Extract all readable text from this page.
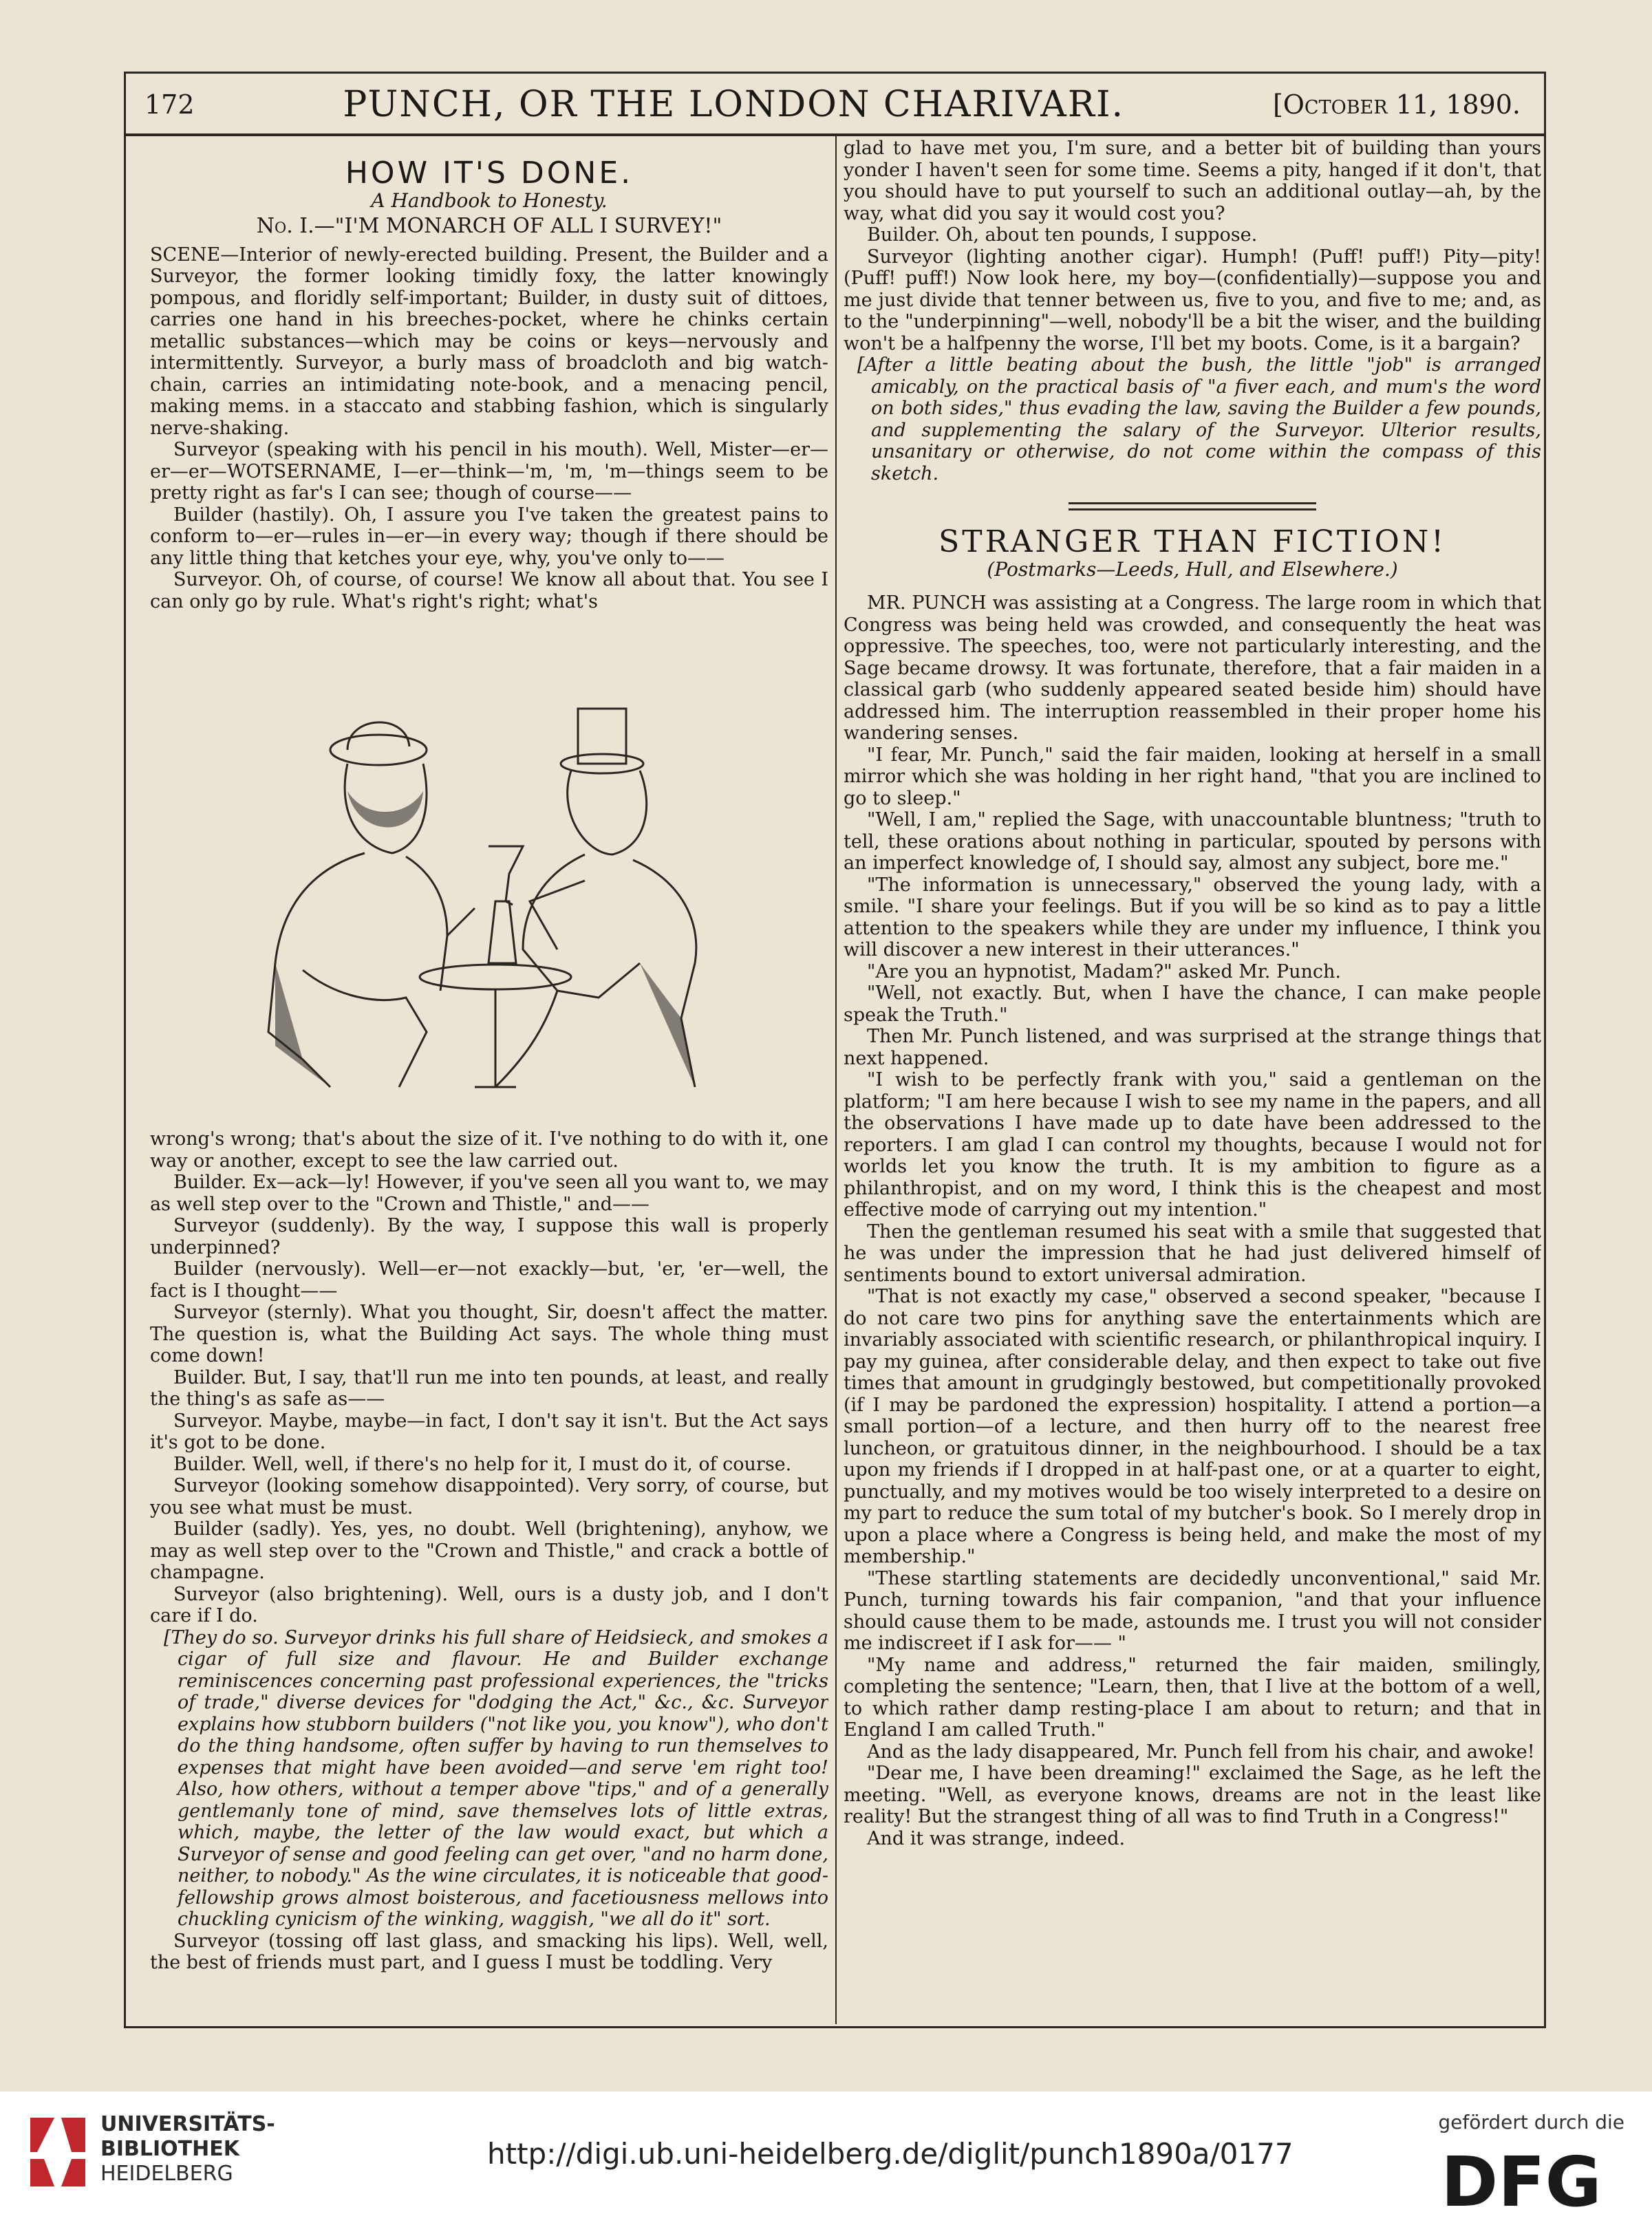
172	PUNCH, OR THE LONDON CHARIVARI.	[October 11, 1890.
HOW IT'S DONE.
A Handbook to Honesty.
No. I.—"I'M MONARCH OF ALL I SURVEY!"

SCENE—Interior of newly-erected building. Present, the Builder and a Surveyor, the former looking timidly foxy, the latter knowingly pompous, and floridly self-important; Builder, in dusty suit of dittoes, carries one hand in his breeches-pocket, where he chinks certain metallic substances—which may be coins or keys—nervously and intermittently. Surveyor, a burly mass of broadcloth and big watch-chain, carries an intimidating note-book, and a menacing pencil, making mems. in a staccato and stabbing fashion, which is singularly nerve-shaking.

Surveyor (speaking with his pencil in his mouth). Well, Mister—er—er—er—WOTSERNAME, I—er—think—'m, 'm, 'm—things seem to be pretty right as far's I can see; though of course——

Builder (hastily). Oh, I assure you I've taken the greatest pains to conform to—er—rules in—er—in every way; though if there should be any little thing that ketches your eye, why, you've only to——

Surveyor. Oh, of course, of course! We know all about that. You see I can only go by rule. What's right's right; what's

wrong's wrong; that's about the size of it. I've nothing to do with it, one way or another, except to see the law carried out.

Builder. Ex—ack—ly! However, if you've seen all you want to, we may as well step over to the "Crown and Thistle," and——

Surveyor (suddenly). By the way, I suppose this wall is properly underpinned?

Builder (nervously). Well—er—not exackly—but, 'er, 'er—well, the fact is I thought——

Surveyor (sternly). What you thought, Sir, doesn't affect the matter. The question is, what the Building Act says. The whole thing must come down!

Builder. But, I say, that'll run me into ten pounds, at least, and really the thing's as safe as——

Surveyor. Maybe, maybe—in fact, I don't say it isn't. But the Act says it's got to be done.

Builder. Well, well, if there's no help for it, I must do it, of course.

Surveyor (looking somehow disappointed). Very sorry, of course, but you see what must be must.

Builder (sadly). Yes, yes, no doubt. Well (brightening), anyhow, we may as well step over to the "Crown and Thistle," and crack a bottle of champagne.

Surveyor (also brightening). Well, ours is a dusty job, and I don't care if I do.

[They do so. Surveyor drinks his full share of Heidsieck, and smokes a cigar of full size and flavour. He and Builder exchange reminiscences concerning past professional experiences, the "tricks of trade," diverse devices for "dodging the Act," &c., &c. Surveyor explains how stubborn builders ("not like you, you know"), who don't do the thing handsome, often suffer by having to run themselves to expenses that might have been avoided—and serve 'em right too! Also, how others, without a temper above "tips," and of a generally gentlemanly tone of mind, save themselves lots of little extras, which, maybe, the letter of the law would exact, but which a Surveyor of sense and good feeling can get over, "and no harm done, neither, to nobody." As the wine circulates, it is noticeable that good-fellowship grows almost boisterous, and facetiousness mellows into chuckling cynicism of the winking, waggish, "we all do it" sort.

Surveyor (tossing off last glass, and smacking his lips). Well, well, the best of friends must part, and I guess I must be toddling. Very

glad to have met you, I'm sure, and a better bit of building than yours yonder I haven't seen for some time. Seems a pity, hanged if it don't, that you should have to put yourself to such an additional outlay—ah, by the way, what did you say it would cost you?

Builder. Oh, about ten pounds, I suppose.

Surveyor (lighting another cigar). Humph! (Puff! puff!) Pity—pity! (Puff! puff!) Now look here, my boy—(confidentially)—suppose you and me just divide that tenner between us, five to you, and five to me; and, as to the "underpinning"—well, nobody'll be a bit the wiser, and the building won't be a halfpenny the worse, I'll bet my boots. Come, is it a bargain?

[After a little beating about the bush, the little "job" is arranged amicably, on the practical basis of "a fiver each, and mum's the word on both sides," thus evading the law, saving the Builder a few pounds, and supplementing the salary of the Surveyor. Ulterior results, unsanitary or otherwise, do not come within the compass of this sketch.

STRANGER THAN FICTION!
(Postmarks—Leeds, Hull, and Elsewhere.)

MR. PUNCH was assisting at a Congress. The large room in which that Congress was being held was crowded, and consequently the heat was oppressive. The speeches, too, were not particularly interesting, and the Sage became drowsy. It was fortunate, therefore, that a fair maiden in a classical garb (who suddenly appeared seated beside him) should have addressed him. The interruption reassembled in their proper home his wandering senses.

"I fear, Mr. Punch," said the fair maiden, looking at herself in a small mirror which she was holding in her right hand, "that you are inclined to go to sleep."

"Well, I am," replied the Sage, with unaccountable bluntness; "truth to tell, these orations about nothing in particular, spouted by persons with an imperfect knowledge of, I should say, almost any subject, bore me."

"The information is unnecessary," observed the young lady, with a smile. "I share your feelings. But if you will be so kind as to pay a little attention to the speakers while they are under my influence, I think you will discover a new interest in their utterances."

"Are you an hypnotist, Madam?" asked Mr. Punch.

"Well, not exactly. But, when I have the chance, I can make people speak the Truth."

Then Mr. Punch listened, and was surprised at the strange things that next happened.

"I wish to be perfectly frank with you," said a gentleman on the platform; "I am here because I wish to see my name in the papers, and all the observations I have made up to date have been addressed to the reporters. I am glad I can control my thoughts, because I would not for worlds let you know the truth. It is my ambition to figure as a philanthropist, and on my word, I think this is the cheapest and most effective mode of carrying out my intention."

Then the gentleman resumed his seat with a smile that suggested that he was under the impression that he had just delivered himself of sentiments bound to extort universal admiration.

"That is not exactly my case," observed a second speaker, "because I do not care two pins for anything save the entertainments which are invariably associated with scientific research, or philanthropical inquiry. I pay my guinea, after considerable delay, and then expect to take out five times that amount in grudgingly bestowed, but competitionally provoked (if I may be pardoned the expression) hospitality. I attend a portion—a small portion—of a lecture, and then hurry off to the nearest free luncheon, or gratuitous dinner, in the neighbourhood. I should be a tax upon my friends if I dropped in at half-past one, or at a quarter to eight, punctually, and my motives would be too wisely interpreted to a desire on my part to reduce the sum total of my butcher's book. So I merely drop in upon a place where a Congress is being held, and make the most of my membership."

"These startling statements are decidedly unconventional," said Mr. Punch, turning towards his fair companion, "and that your influence should cause them to be made, astounds me. I trust you will not consider me indiscreet if I ask for—— "

"My name and address," returned the fair maiden, smilingly, completing the sentence; "Learn, then, that I live at the bottom of a well, to which rather damp resting-place I am about to return; and that in England I am called Truth."

And as the lady disappeared, Mr. Punch fell from his chair, and awoke!

"Dear me, I have been dreaming!" exclaimed the Sage, as he left the meeting. "Well, as everyone knows, dreams are not in the least like reality! But the strangest thing of all was to find Truth in a Congress!"

And it was strange, indeed.

UNIVERSITÄTS-
BIBLIOTHEK
HEIDELBERG
http://digi.ub.uni-heidelberg.de/diglit/punch1890a/0177
gefördert durch die
DFG
